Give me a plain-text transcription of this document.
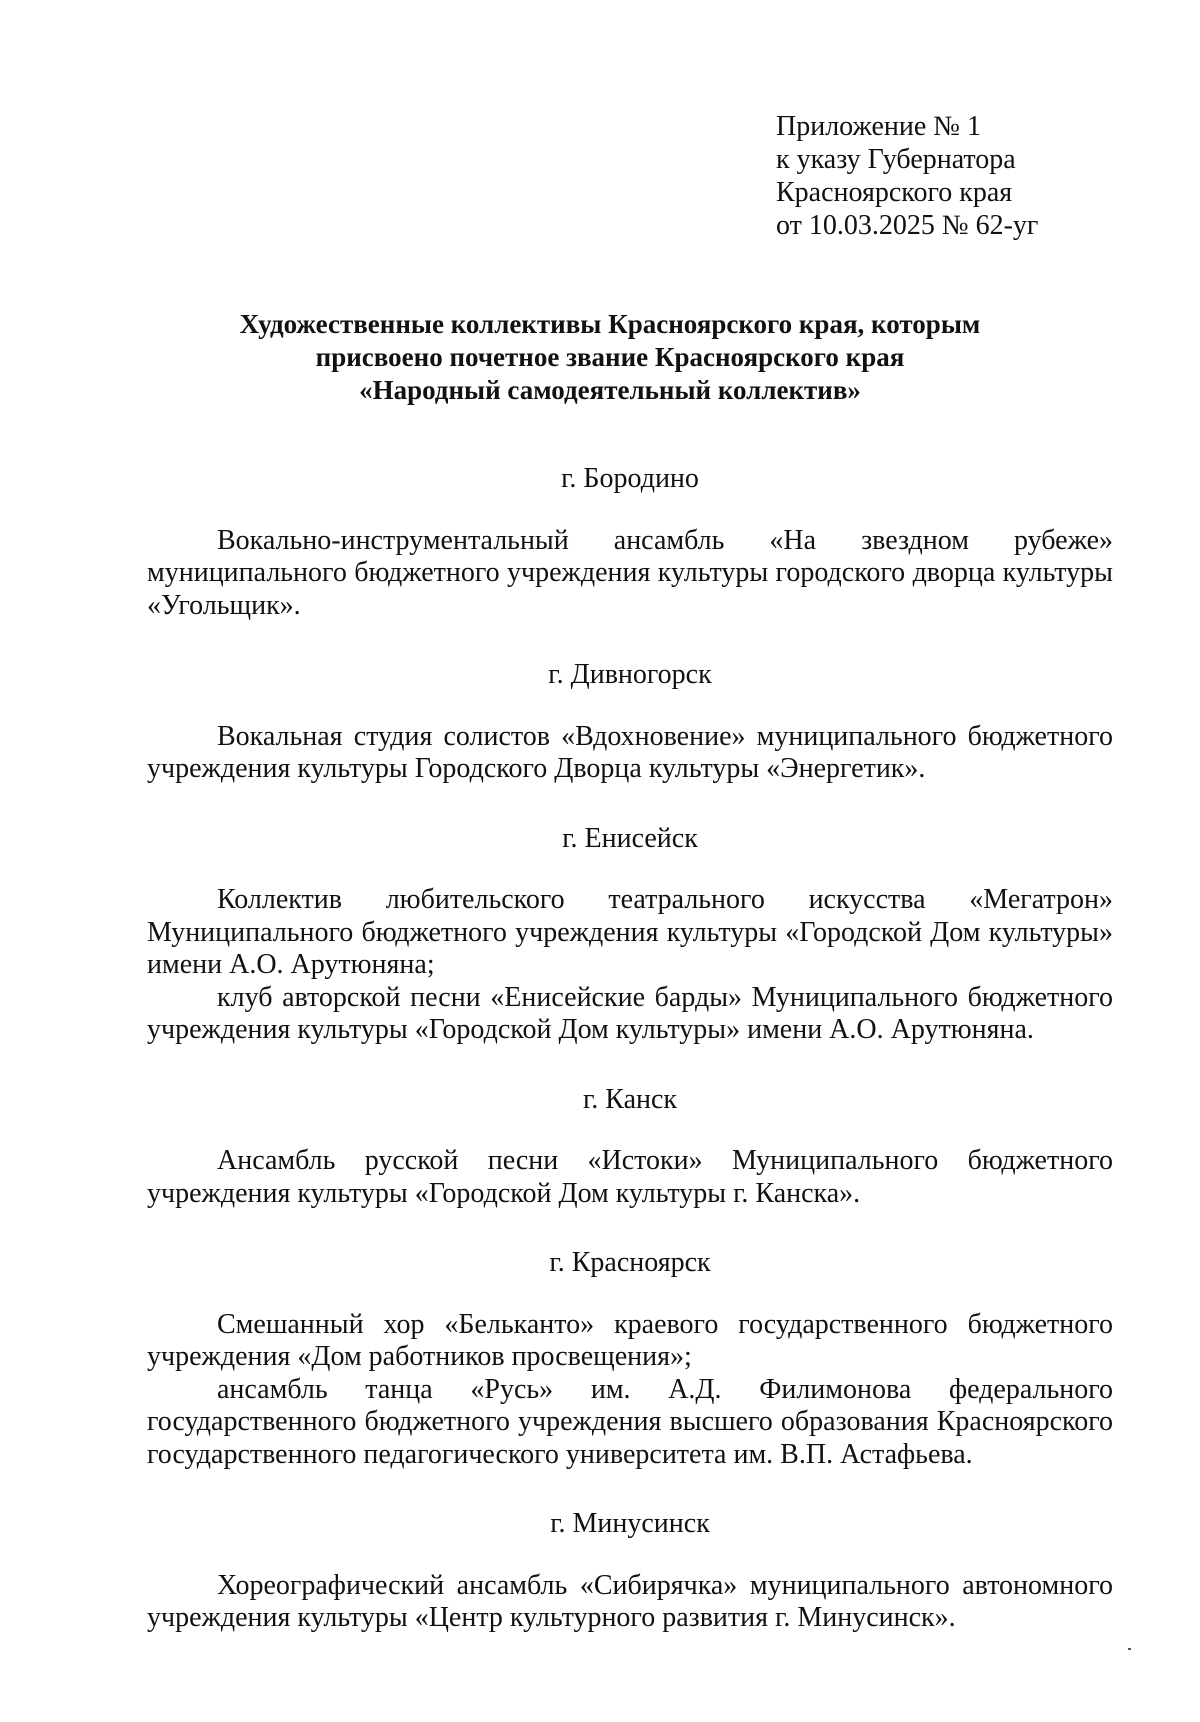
Приложение № 1
к указу Губернатора
Красноярского края
от 10.03.2025 № 62-уг
Художественные коллективы Красноярского края, которым
присвоено почетное звание Красноярского края
«Народный самодеятельный коллектив»
г. Бородино

Вокально-инструментальный ансамбль «На звездном рубеже» муниципального бюджетного учреждения культуры городского дворца культуры «Угольщик».

г. Дивногорск

Вокальная студия солистов «Вдохновение» муниципального бюджетного учреждения культуры Городского Дворца культуры «Энергетик».

г. Енисейск

Коллектив любительского театрального искусства «Мегатрон» Муниципального бюджетного учреждения культуры «Городской Дом культуры» имени А.О. Арутюняна;

клуб авторской песни «Енисейские барды» Муниципального бюджетного учреждения культуры «Городской Дом культуры» имени А.О. Арутюняна.

г. Канск

Ансамбль русской песни «Истоки» Муниципального бюджетного учреждения культуры «Городской Дом культуры г. Канска».

г. Красноярск

Смешанный хор «Бельканто» краевого государственного бюджетного учреждения «Дом работников просвещения»;

ансамбль танца «Русь» им. А.Д. Филимонова федерального государственного бюджетного учреждения высшего образования Красноярского государственного педагогического университета им. В.П. Астафьева.

г. Минусинск

Хореографический ансамбль «Сибирячка» муниципального автономного учреждения культуры «Центр культурного развития г. Минусинск».
